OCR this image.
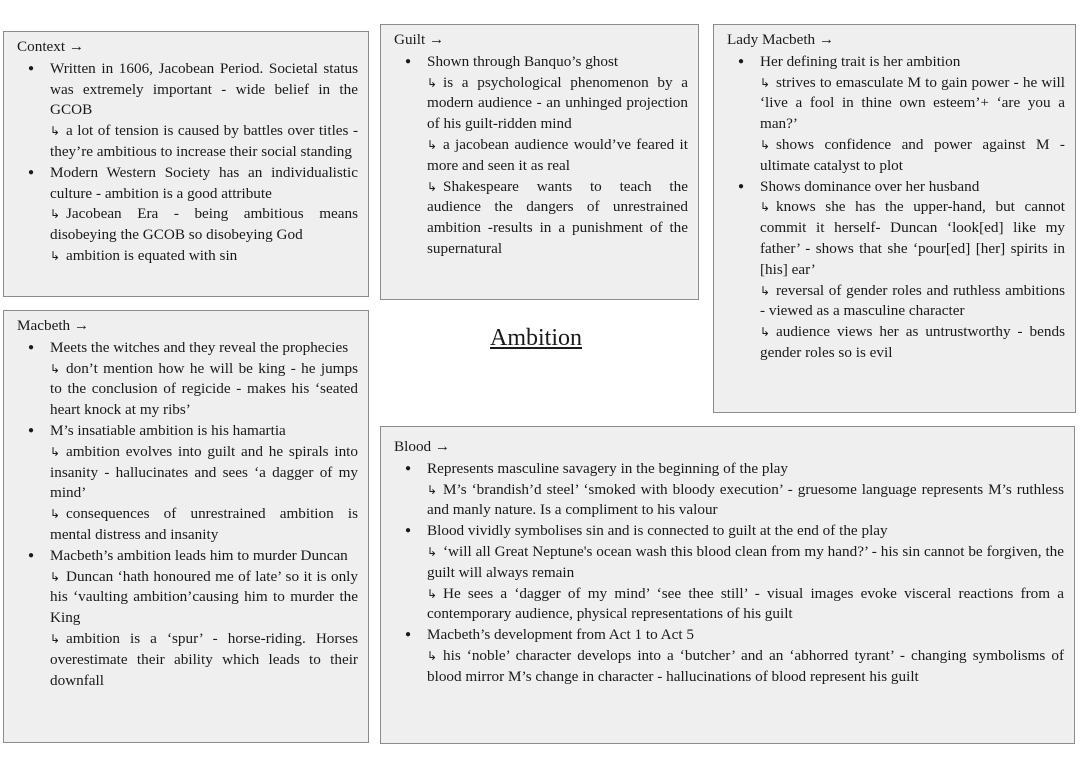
Ambition
Context →
● Written in 1606, Jacobean Period. Societal status was extremely important - wide belief in the GCOB
↳ a lot of tension is caused by battles over titles - they’re ambitious to increase their social standing
● Modern Western Society has an individualistic culture - ambition is a good attribute
↳ Jacobean Era - being ambitious means disobeying the GCOB so disobeying God
↳ ambition is equated with sin
Guilt →
● Shown through Banquo’s ghost
↳ is a psychological phenomenon by a modern audience - an unhinged projection of his guilt-ridden mind
↳ a jacobean audience would’ve feared it more and seen it as real
↳ Shakespeare wants to teach the audience the dangers of unrestrained ambition -results in a punishment of the supernatural
Lady Macbeth →
● Her defining trait is her ambition
↳ strives to emasculate M to gain power - he will ‘live a fool in thine own esteem’+ ‘are you a man?’
↳ shows confidence and power against M - ultimate catalyst to plot
● Shows dominance over her husband
↳ knows she has the upper-hand, but cannot commit it herself- Duncan ‘look[ed] like my father’ - shows that she ‘pour[ed] [her] spirits in [his] ear’
↳ reversal of gender roles and ruthless ambitions - viewed as a masculine character
↳ audience views her as untrustworthy - bends gender roles so is evil
Macbeth →
● Meets the witches and they reveal the prophecies
↳ don’t mention how he will be king - he jumps to the conclusion of regicide - makes his ‘seated heart knock at my ribs’
● M’s insatiable ambition is his hamartia
↳ ambition evolves into guilt and he spirals into insanity - hallucinates and sees ‘a dagger of my mind’
↳ consequences of unrestrained ambition is mental distress and insanity
● Macbeth’s ambition leads him to murder Duncan
↳ Duncan ‘hath honoured me of late’ so it is only his ‘vaulting ambition’causing him to murder the King
↳ ambition is a ‘spur’ - horse-riding. Horses overestimate their ability which leads to their downfall
Blood →
● Represents masculine savagery in the beginning of the play
↳ M’s ‘brandish’d steel’ ‘smoked with bloody execution’ - gruesome language represents M’s ruthless and manly nature. Is a compliment to his valour
● Blood vividly symbolises sin and is connected to guilt at the end of the play
↳ ‘will all Great Neptune's ocean wash this blood clean from my hand?’ - his sin cannot be forgiven, the guilt will always remain
↳ He sees a ‘dagger of my mind’ ‘see thee still’ - visual images evoke visceral reactions from a contemporary audience, physical representations of his guilt
● Macbeth’s development from Act 1 to Act 5
↳ his ‘noble’ character develops into a ‘butcher’ and an ‘abhorred tyrant’ - changing symbolisms of blood mirror M’s change in character - hallucinations of blood represent his guilt
